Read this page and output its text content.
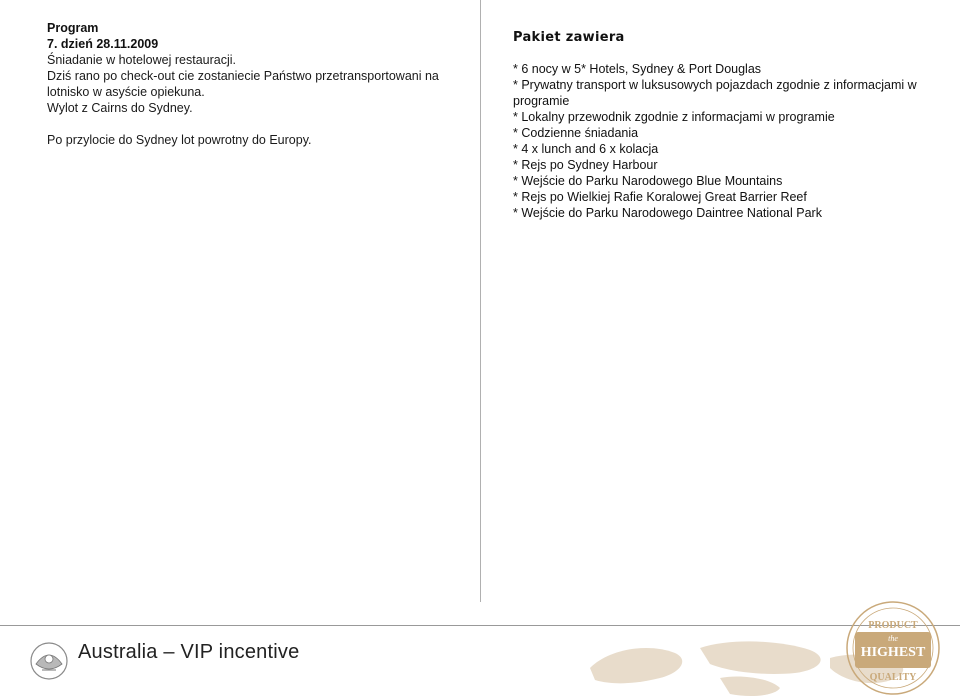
Program

7. dzień 28.11.2009

Śniadanie w hotelowej restauracji.

Dziś rano po check-out cie zostaniecie Państwo przetransportowani na lotnisko w asyście opiekuna.

Wylot z Cairns do Sydney.

Po przylocie do Sydney lot powrotny do Europy.

Pakiet zawiera

* 6 nocy w 5* Hotels, Sydney & Port Douglas
* Prywatny transport w luksusowych pojazdach zgodnie z informacjami w programie
* Lokalny przewodnik zgodnie z informacjami w programie
* Codzienne śniadania
* 4 x lunch and 6 x kolacja
* Rejs po Sydney Harbour
* Wejście do Parku Narodowego Blue Mountains
* Rejs po Wielkiej Rafie Koralowej Great Barrier Reef
* Wejście do Parku Narodowego Daintree National Park
Australia – VIP incentive
PRODUCT
the
HIGHEST
QUALITY
